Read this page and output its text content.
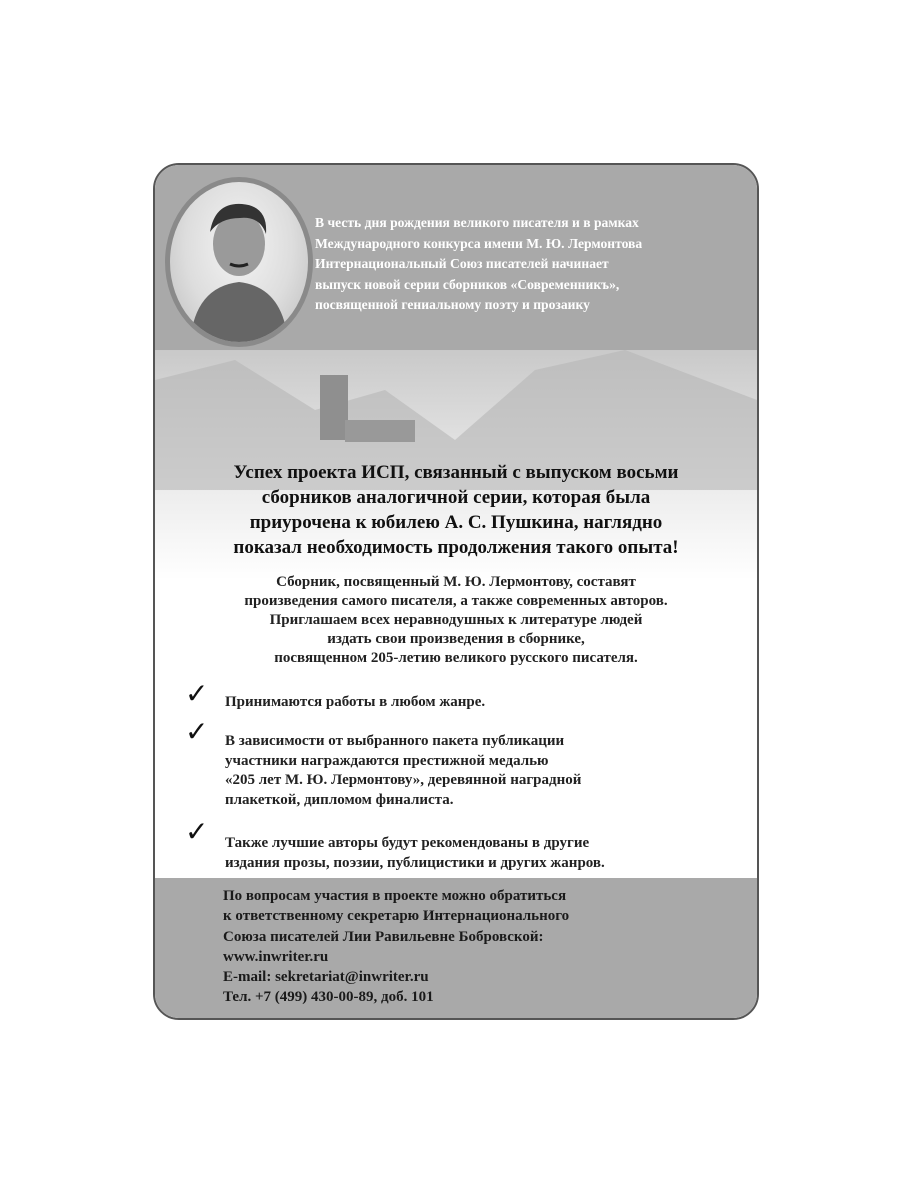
В честь дня рождения великого писателя и в рамках
Международного конкурса имени М. Ю. Лермонтова
Интернациональный Союз писателей начинает
выпуск новой серии сборников «Современникъ»,
посвященной гениальному поэту и прозаику
Успех проекта ИСП, связанный с выпуском восьми
сборников аналогичной серии, которая была
приурочена к юбилею А. С. Пушкина, наглядно
показал необходимость продолжения такого опыта!
Сборник, посвященный М. Ю. Лермонтову, составят
произведения самого писателя, а также современных авторов.
Приглашаем всех неравнодушных к литературе людей
издать свои произведения в сборнике,
посвященном 205-летию великого русского писателя.
✓ Принимаются работы в любом жанре.
✓ В зависимости от выбранного пакета публикации
участники награждаются престижной медалью
«205 лет М. Ю. Лермонтову», деревянной наградной
плакеткой, дипломом финалиста.
✓ Также лучшие авторы будут рекомендованы в другие
издания прозы, поэзии, публицистики и других жанров.
По вопросам участия в проекте можно обратиться
к ответственному секретарю Интернационального
Союза писателей Лии Равильевне Бобровской:
www.inwriter.ru
E-mail: sekretariat@inwriter.ru
Тел. +7 (499) 430-00-89, доб. 101
